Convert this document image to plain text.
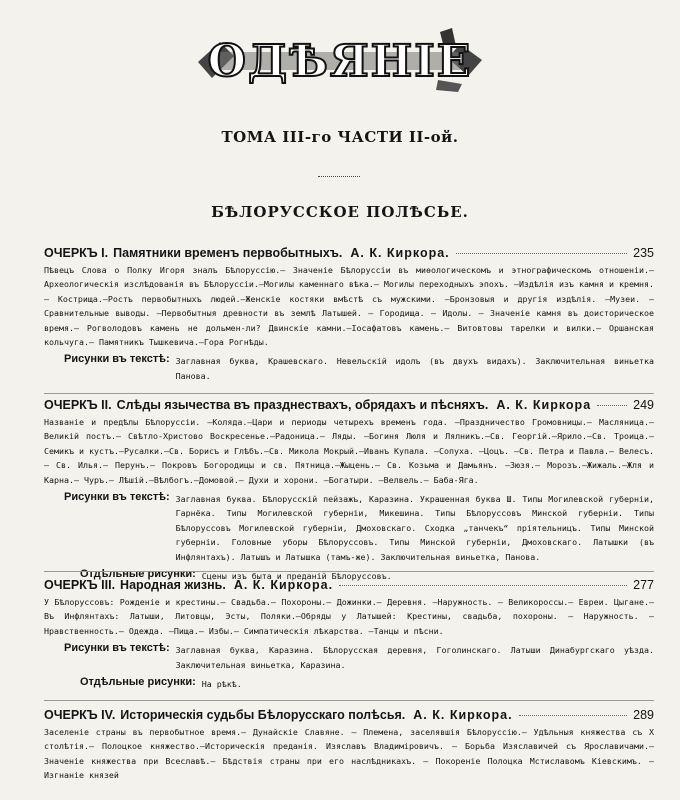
ОДѢЯНІЕ
ТОМА III-го ЧАСТИ II-ой.
БѢЛОРУССКОЕ ПОЛѢСЬЕ.
ОЧЕРКЪ I. Памятники временъ первобытныхъ. А. К. Киркора.	235
Пѣвецъ Слова о Полку Игоря зналъ Бѣлоруссію.— Значеніе Бѣлоруссіи въ миѳологическомъ и этнографическомъ отношеніи.— Археологическія изслѣдованія въ Бѣлоруссіи.—Могилы каменнаго вѣка.— Могилы переходныхъ эпохъ. —Издѣлія изъ камня и кремня.— Кострища.—Ростъ первобытныхъ людей.—Женскіе костяки вмѣстѣ съ мужскими. —Бронзовыя и другія издѣлія. —Музеи. —Сравнительные выводы. —Первобытныя древности въ землѣ Латышей. — Городища. — Идолы. — Значеніе камня въ доисторическое время.— Рогволодовъ камень не дольмен-ли? Двинскіе камни.—Іосафатовъ камень.— Витовтовы тарелки и вилки.— Оршанская кольчуга.— Памятникъ Тышкевича.—Гора Рогнѣды.
Рисунки въ текстѣ: Заглавная буква, Крашевскаго. Невельскій идолъ (въ двухъ видахъ). Заключительная виньетка Панова.
ОЧЕРКЪ II. Слѣды язычества въ празднествахъ, обрядахъ и пѣсняхъ. А. К. Киркора	249
Названіе и предѣлы Бѣлоруссіи. —Коляда.—Цари и периоды четырехъ временъ года. —Праздничество Громовницы.— Масляница.— Великій постъ.— Свѣтло-Христово Воскресенье.—Радоница.— Ляды. —Богиня Люля и Лялникъ.—Св. Георгій.—Ярило.—Св. Троица.—Семикъ и кустъ.—Русалки.—Св. Борисъ и Глѣбъ.—Св. Микола Мокрый.—Иванъ Купала. —Сопуха. —Цоцъ. —Св. Петра и Павла.— Велесъ.— Св. Илья.— Перунъ.— Покровъ Богородицы и св. Пятница.—Жыцень.— Св. Козьма и Дамьянъ. —Зюзя.— Морозъ.—Жижаль.—Жля и Карна.— Чуръ.— Лѣшій.—Вѣлбогъ.—Домовой.— Духи и хорони. —Богатыри. —Велвель.— Баба-Яга.
Рисунки въ текстѣ: Заглавная буква. Бѣлорусскій пейзажъ, Каразина. Украшенная буква Ш. Типы Могилевской губерніи, Гарнёка. Типы Могилевской губерніи, Микешина. Типы Бѣлоруссовъ Минской губерніи. Типы Бѣлоруссовъ Могилевской губерніи, Дмоховскаго. Сходка „танчекъ“ пріятельницъ. Типы Минской губерніи. Головные уборы Бѣлоруссовъ. Типы Минской губерніи, Дмоховскаго. Латышки (въ Инфлянтахъ). Латышъ и Латышка (тамъ-же). Заключительная виньетка, Панова.
Отдѣльные рисунки: Сцены изъ быта и преданій Бѣлоруссовъ.
ОЧЕРКЪ III. Народная жизнь. А. К. Киркора.	277
У Бѣлоруссовъ: Рожденіе и крестины.— Свадьба.— Похороны.— Дожинки.— Деревня. —Наружность. — Великороссы.— Евреи. Цыгане.— Въ Инфлянтахъ: Латыши, Литовцы, Эсты, Поляки.—Обряды у Латышей: Крестины, свадьба, похороны. — Наружность. — Нравственность.— Одежда. —Пища.— Избы.— Симпатическія лѣкарства. —Танцы и пѣсни.
Рисунки въ текстѣ: Заглавная буква, Каразина. Бѣлорусская деревня, Гоголинскаго. Латыши Динабургскаго уѣзда. Заключительная виньетка, Каразина.
Отдѣльные рисунки: На рѣкѣ.
ОЧЕРКЪ IV. Историческія судьбы Бѣлорусскаго полѣсья. А. К. Киркора.	289
Заселеніе страны въ первобытное время.— Дунайскіе Славяне. — Племена, заселявшія Бѣлоруссію.— Удѣльныя княжества съ X столѣтія.— Полоцкое княжество.—Историческія преданія. Изяславъ Владиміровичъ. — Борьба Изяславичей съ Ярославичами.— Значеніе княжества при Всеславѣ.— Бѣдствія страны при его наслѣдникахъ. — Покореніе Полоцка Мстиславомъ Кіевскимъ. — Изгнаніе князей
